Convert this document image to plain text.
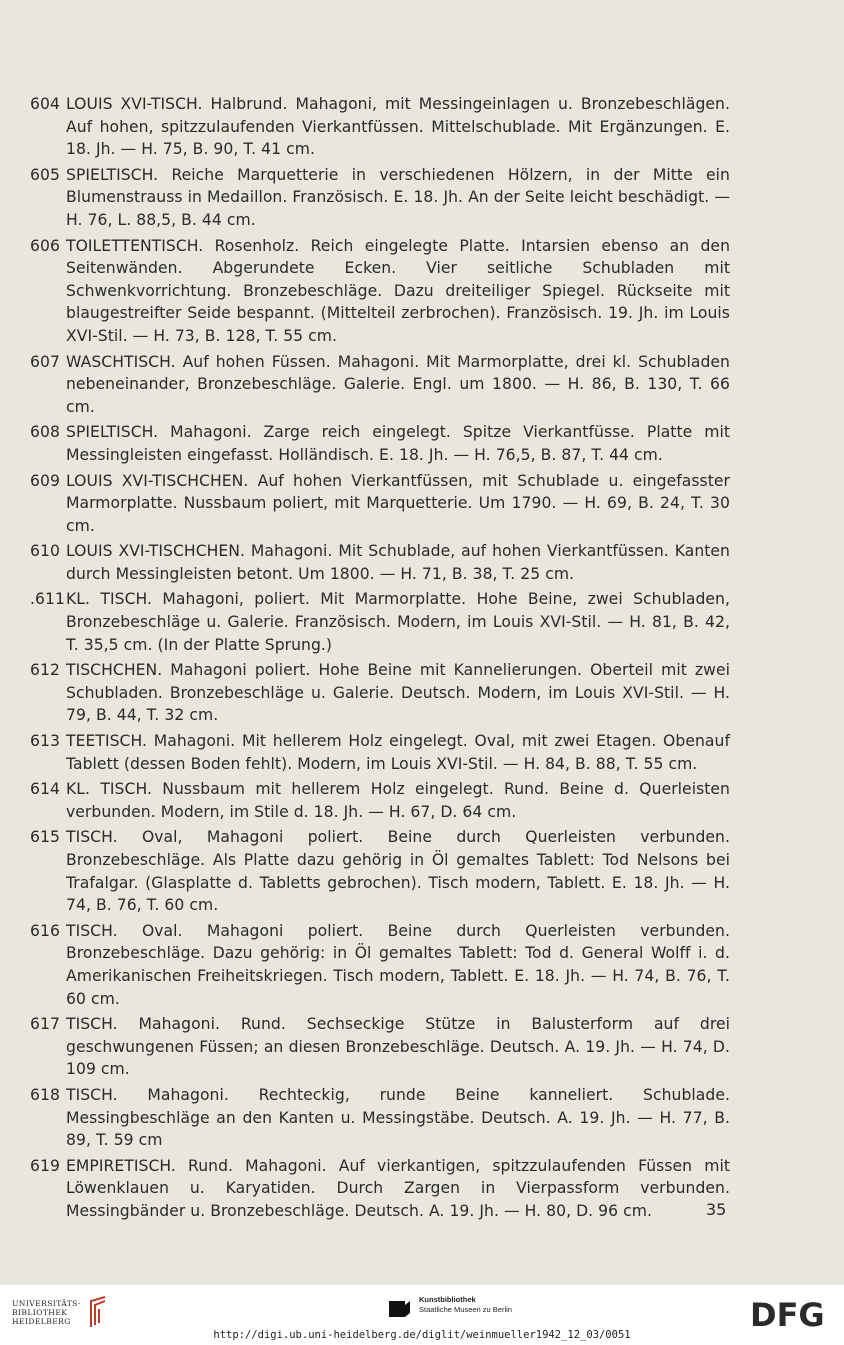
604 LOUIS XVI-TISCH. Halbrund. Mahagoni, mit Messingeinlagen u. Bronzebeschlägen. Auf hohen, spitzzulaufenden Vierkantfüssen. Mittelschublade. Mit Ergänzungen. E. 18. Jh. — H. 75, B. 90, T. 41 cm.
605 SPIELTISCH. Reiche Marquetterie in verschiedenen Hölzern, in der Mitte ein Blumenstrauss in Medaillon. Französisch. E. 18. Jh. An der Seite leicht beschädigt. — H. 76, L. 88,5, B. 44 cm.
606 TOILETTENTISCH. Rosenholz. Reich eingelegte Platte. Intarsien ebenso an den Seitenwänden. Abgerundete Ecken. Vier seitliche Schubladen mit Schwenkvorrichtung. Bronzebeschläge. Dazu dreiteiliger Spiegel. Rückseite mit blaugestreifter Seide bespannt. (Mittelteil zerbrochen). Französisch. 19. Jh. im Louis XVI-Stil. — H. 73, B. 128, T. 55 cm.
607 WASCHTISCH. Auf hohen Füssen. Mahagoni. Mit Marmorplatte, drei kl. Schubladen nebeneinander, Bronzebeschläge. Galerie. Engl. um 1800. — H. 86, B. 130, T. 66 cm.
608 SPIELTISCH. Mahagoni. Zarge reich eingelegt. Spitze Vierkantfüsse. Platte mit Messingleisten eingefasst. Holländisch. E. 18. Jh. — H. 76,5, B. 87, T. 44 cm.
609 LOUIS XVI-TISCHCHEN. Auf hohen Vierkantfüssen, mit Schublade u. eingefasster Marmorplatte. Nussbaum poliert, mit Marquetterie. Um 1790. — H. 69, B. 24, T. 30 cm.
610 LOUIS XVI-TISCHCHEN. Mahagoni. Mit Schublade, auf hohen Vierkantfüssen. Kanten durch Messingleisten betont. Um 1800. — H. 71, B. 38, T. 25 cm.
.611 KL. TISCH. Mahagoni, poliert. Mit Marmorplatte. Hohe Beine, zwei Schubladen, Bronzebeschläge u. Galerie. Französisch. Modern, im Louis XVI-Stil. — H. 81, B. 42, T. 35,5 cm. (In der Platte Sprung.)
612 TISCHCHEN. Mahagoni poliert. Hohe Beine mit Kannelierungen. Oberteil mit zwei Schubladen. Bronzebeschläge u. Galerie. Deutsch. Modern, im Louis XVI-Stil. — H. 79, B. 44, T. 32 cm.
613 TEETISCH. Mahagoni. Mit hellerem Holz eingelegt. Oval, mit zwei Etagen. Obenauf Tablett (dessen Boden fehlt). Modern, im Louis XVI-Stil. — H. 84, B. 88, T. 55 cm.
614 KL. TISCH. Nussbaum mit hellerem Holz eingelegt. Rund. Beine d. Querleisten verbunden. Modern, im Stile d. 18. Jh. — H. 67, D. 64 cm.
615 TISCH. Oval, Mahagoni poliert. Beine durch Querleisten verbunden. Bronzebeschläge. Als Platte dazu gehörig in Öl gemaltes Tablett: Tod Nelsons bei Trafalgar. (Glasplatte d. Tabletts gebrochen). Tisch modern, Tablett. E. 18. Jh. — H. 74, B. 76, T. 60 cm.
616 TISCH. Oval. Mahagoni poliert. Beine durch Querleisten verbunden. Bronzebeschläge. Dazu gehörig: in Öl gemaltes Tablett: Tod d. General Wolff i. d. Amerikanischen Freiheitskriegen. Tisch modern, Tablett. E. 18. Jh. — H. 74, B. 76, T. 60 cm.
617 TISCH. Mahagoni. Rund. Sechseckige Stütze in Balusterform auf drei geschwungenen Füssen; an diesen Bronzebeschläge. Deutsch. A. 19. Jh. — H. 74, D. 109 cm.
618 TISCH. Mahagoni. Rechteckig, runde Beine kanneliert. Schublade. Messingbeschläge an den Kanten u. Messingstäbe. Deutsch. A. 19. Jh. — H. 77, B. 89, T. 59 cm
619 EMPIRETISCH. Rund. Mahagoni. Auf vierkantigen, spitzzulaufenden Füssen mit Löwenklauen u. Karyatiden. Durch Zargen in Vierpassform verbunden. Messingbänder u. Bronzebeschläge. Deutsch. A. 19. Jh. — H. 80, D. 96 cm.	35
UNIVERSITÄTS-
BIBLIOTHEK
HEIDELBERG
Kunstbibliothek
Staatliche Museen zu Berlin	DFG
http://digi.ub.uni-heidelberg.de/diglit/weinmueller1942_12_03/0051
